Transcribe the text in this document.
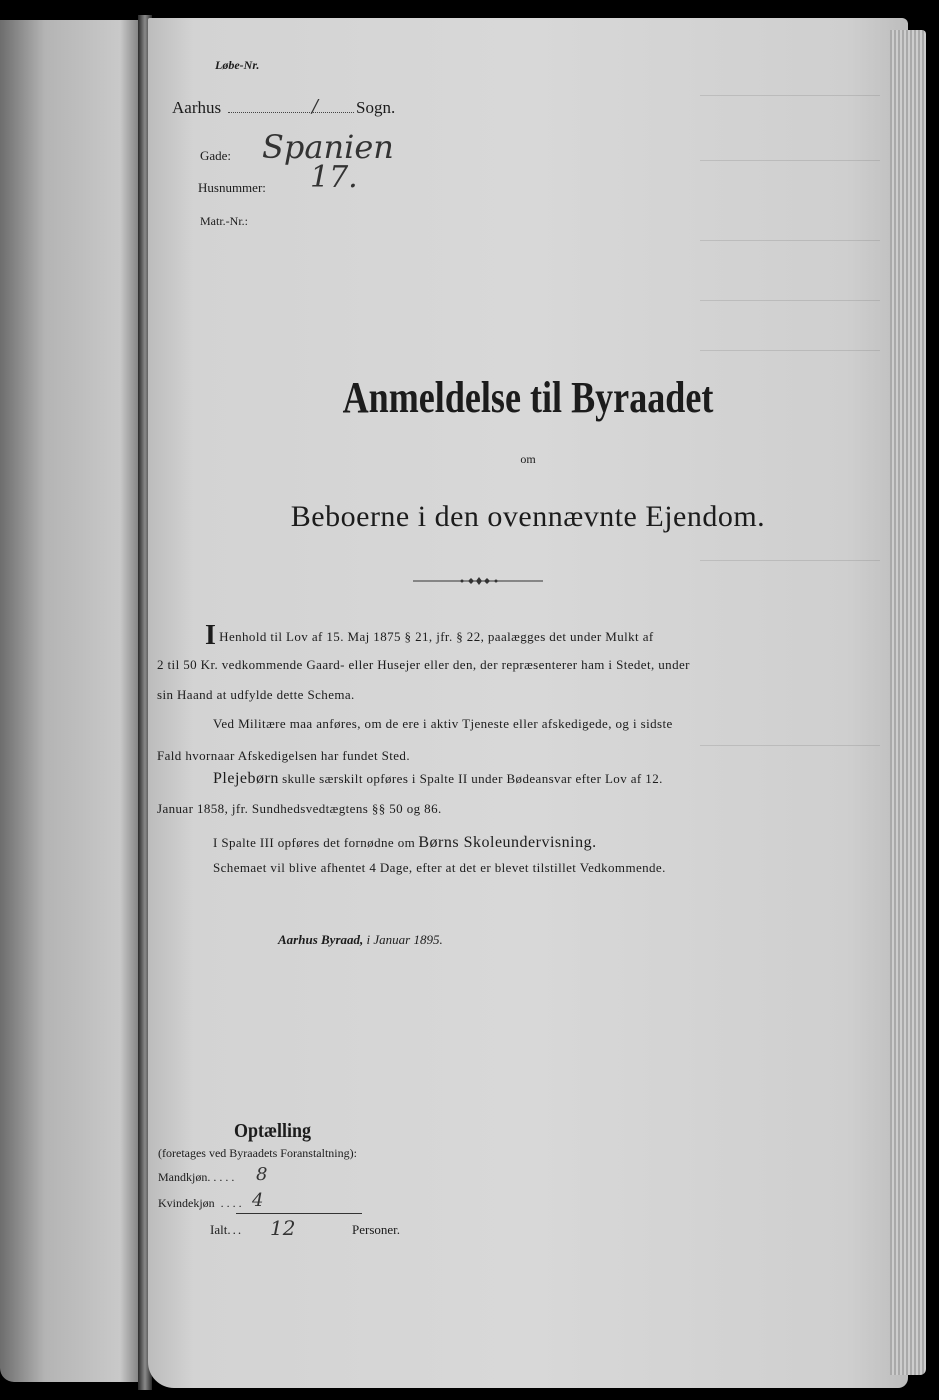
Løbe-Nr.
Aarhus	/ Sogn.
Gade: Spanien
Husnummer: 17.
Matr.-Nr.:
Anmeldelse til Byraadet
om
Beboerne i den ovennævnte Ejendom.
I Henhold til Lov af 15. Maj 1875 § 21, jfr. § 22, paalægges det under Mulkt af
2 til 50 Kr. vedkommende Gaard- eller Husejer eller den, der repræsenterer ham i Stedet, under
sin Haand at udfylde dette Schema.
Ved Militære maa anføres, om de ere i aktiv Tjeneste eller afskedigede, og i sidste
Fald hvornaar Afskedigelsen har fundet Sted.
Plejebørn skulle særskilt opføres i Spalte II under Bødeansvar efter Lov af 12.
Januar 1858, jfr. Sundhedsvedtægtens §§ 50 og 86.
I Spalte III opføres det fornødne om Børns Skoleundervisning.
Schemaet vil blive afhentet 4 Dage, efter at det er blevet tilstillet Vedkommende.
Aarhus Byraad, i Januar 1895.
Optælling
(foretages ved Byraadets Foranstaltning):
Mandkjøn..... 8
Kvindekjøn .... 4
Ialt... 12	Personer.
